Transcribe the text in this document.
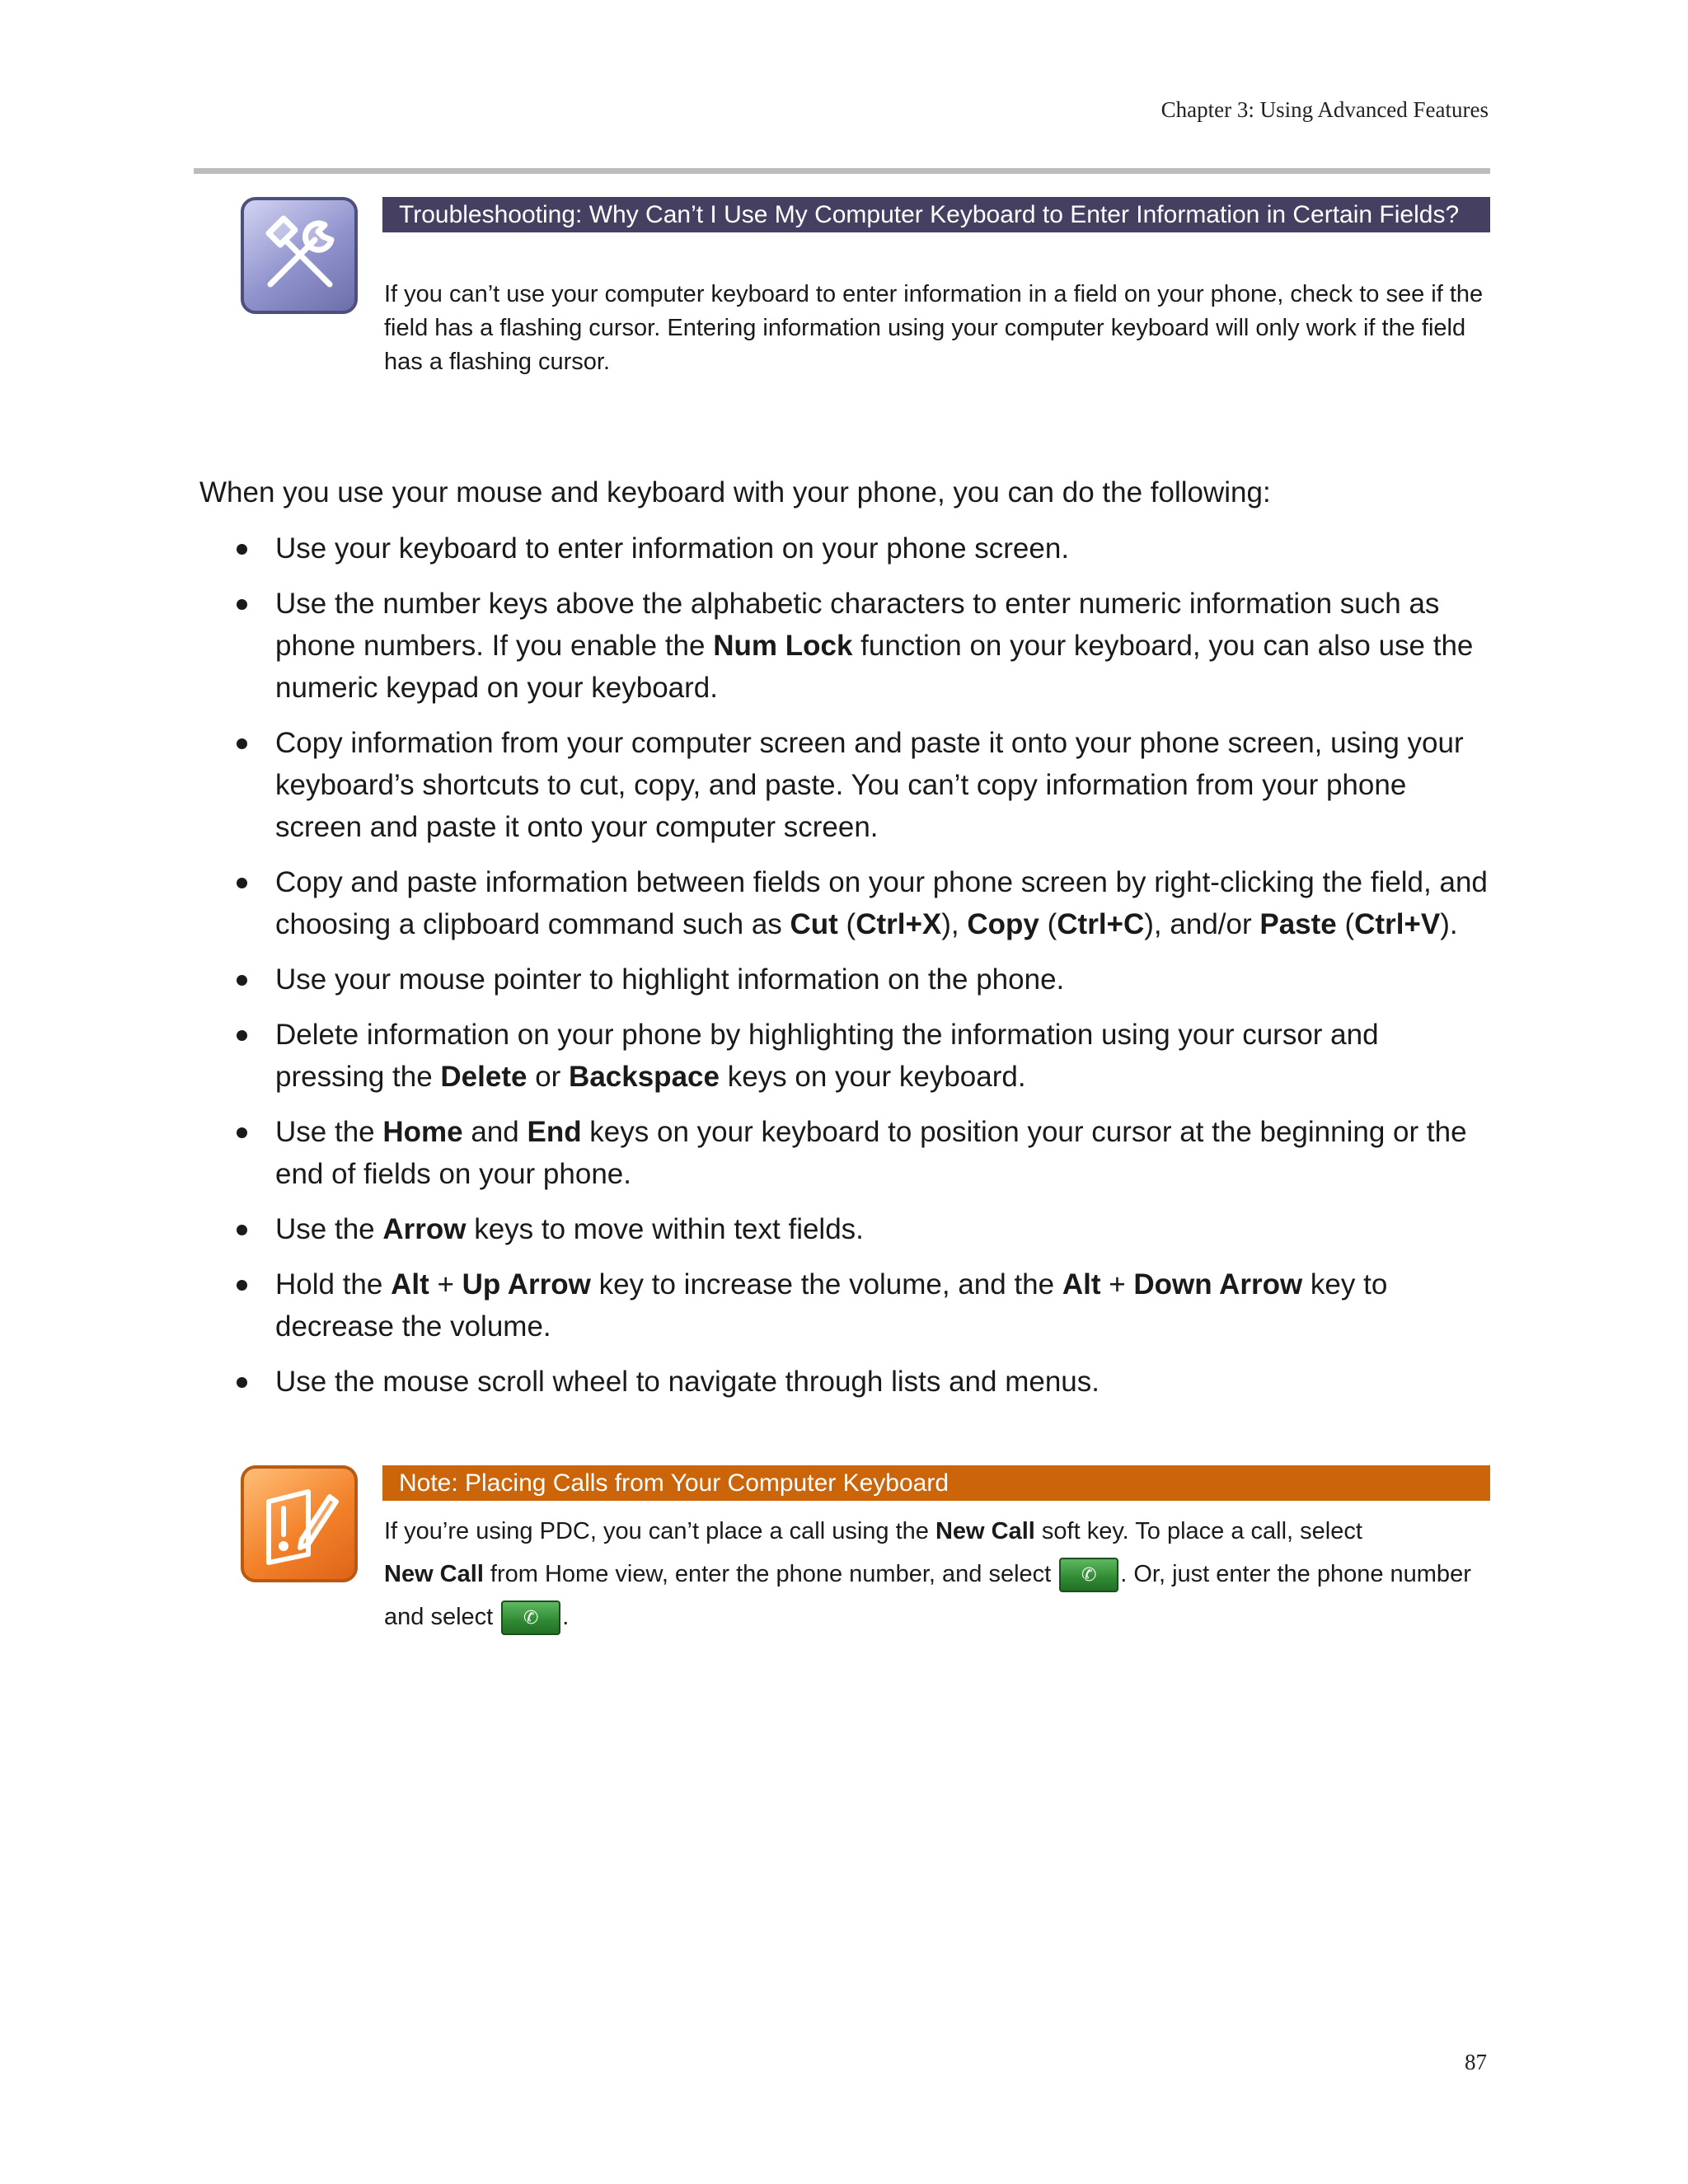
Chapter 3: Using Advanced Features
Troubleshooting: Why Can’t I Use My Computer Keyboard to Enter Information in Certain Fields?
If you can’t use your computer keyboard to enter information in a field on your phone, check to see if the field has a flashing cursor. Entering information using your computer keyboard will only work if the field has a flashing cursor.
When you use your mouse and keyboard with your phone, you can do the following:
Use your keyboard to enter information on your phone screen.
Use the number keys above the alphabetic characters to enter numeric information such as phone numbers. If you enable the Num Lock function on your keyboard, you can also use the numeric keypad on your keyboard.
Copy information from your computer screen and paste it onto your phone screen, using your keyboard’s shortcuts to cut, copy, and paste. You can’t copy information from your phone screen and paste it onto your computer screen.
Copy and paste information between fields on your phone screen by right-clicking the field, and choosing a clipboard command such as Cut (Ctrl+X), Copy (Ctrl+C), and/or Paste (Ctrl+V).
Use your mouse pointer to highlight information on the phone.
Delete information on your phone by highlighting the information using your cursor and pressing the Delete or Backspace keys on your keyboard.
Use the Home and End keys on your keyboard to position your cursor at the beginning or the end of fields on your phone.
Use the Arrow keys to move within text fields.
Hold the Alt + Up Arrow key to increase the volume, and the Alt + Down Arrow key to decrease the volume.
Use the mouse scroll wheel to navigate through lists and menus.
Note: Placing Calls from Your Computer Keyboard
If you’re using PDC, you can’t place a call using the New Call soft key. To place a call, select
New Call from Home view, enter the phone number, and select	✆ . Or, just enter the phone number and select	✆ .
87
